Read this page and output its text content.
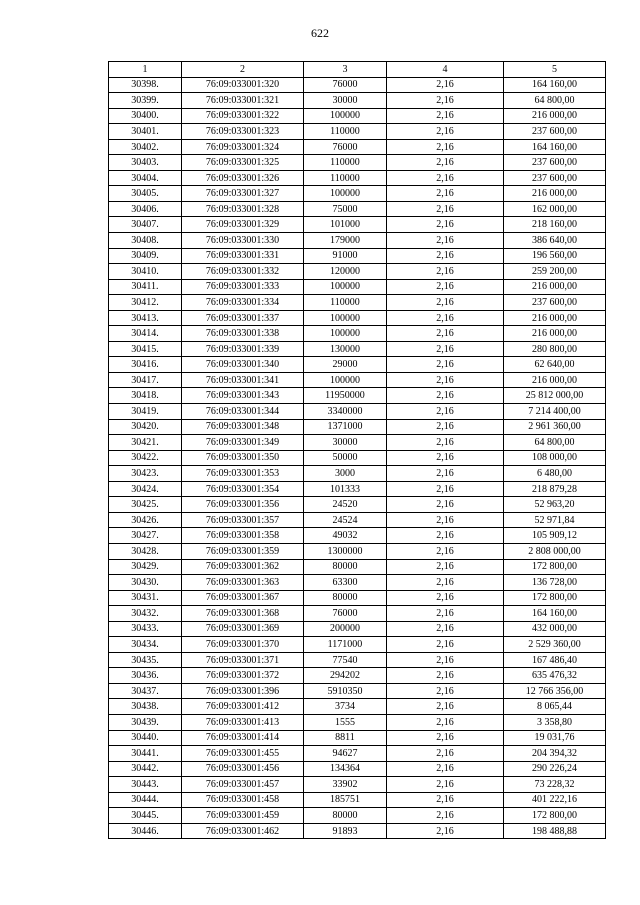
622
1	2	3	4	5
30398.	76:09:033001:320	76000	2,16	164 160,00
30399.	76:09:033001:321	30000	2,16	64 800,00
30400.	76:09:033001:322	100000	2,16	216 000,00
30401.	76:09:033001:323	110000	2,16	237 600,00
30402.	76:09:033001:324	76000	2,16	164 160,00
30403.	76:09:033001:325	110000	2,16	237 600,00
30404.	76:09:033001:326	110000	2,16	237 600,00
30405.	76:09:033001:327	100000	2,16	216 000,00
30406.	76:09:033001:328	75000	2,16	162 000,00
30407.	76:09:033001:329	101000	2,16	218 160,00
30408.	76:09:033001:330	179000	2,16	386 640,00
30409.	76:09:033001:331	91000	2,16	196 560,00
30410.	76:09:033001:332	120000	2,16	259 200,00
30411.	76:09:033001:333	100000	2,16	216 000,00
30412.	76:09:033001:334	110000	2,16	237 600,00
30413.	76:09:033001:337	100000	2,16	216 000,00
30414.	76:09:033001:338	100000	2,16	216 000,00
30415.	76:09:033001:339	130000	2,16	280 800,00
30416.	76:09:033001:340	29000	2,16	62 640,00
30417.	76:09:033001:341	100000	2,16	216 000,00
30418.	76:09:033001:343	11950000	2,16	25 812 000,00
30419.	76:09:033001:344	3340000	2,16	7 214 400,00
30420.	76:09:033001:348	1371000	2,16	2 961 360,00
30421.	76:09:033001:349	30000	2,16	64 800,00
30422.	76:09:033001:350	50000	2,16	108 000,00
30423.	76:09:033001:353	3000	2,16	6 480,00
30424.	76:09:033001:354	101333	2,16	218 879,28
30425.	76:09:033001:356	24520	2,16	52 963,20
30426.	76:09:033001:357	24524	2,16	52 971,84
30427.	76:09:033001:358	49032	2,16	105 909,12
30428.	76:09:033001:359	1300000	2,16	2 808 000,00
30429.	76:09:033001:362	80000	2,16	172 800,00
30430.	76:09:033001:363	63300	2,16	136 728,00
30431.	76:09:033001:367	80000	2,16	172 800,00
30432.	76:09:033001:368	76000	2,16	164 160,00
30433.	76:09:033001:369	200000	2,16	432 000,00
30434.	76:09:033001:370	1171000	2,16	2 529 360,00
30435.	76:09:033001:371	77540	2,16	167 486,40
30436.	76:09:033001:372	294202	2,16	635 476,32
30437.	76:09:033001:396	5910350	2,16	12 766 356,00
30438.	76:09:033001:412	3734	2,16	8 065,44
30439.	76:09:033001:413	1555	2,16	3 358,80
30440.	76:09:033001:414	8811	2,16	19 031,76
30441.	76:09:033001:455	94627	2,16	204 394,32
30442.	76:09:033001:456	134364	2,16	290 226,24
30443.	76:09:033001:457	33902	2,16	73 228,32
30444.	76:09:033001:458	185751	2,16	401 222,16
30445.	76:09:033001:459	80000	2,16	172 800,00
30446.	76:09:033001:462	91893	2,16	198 488,88
